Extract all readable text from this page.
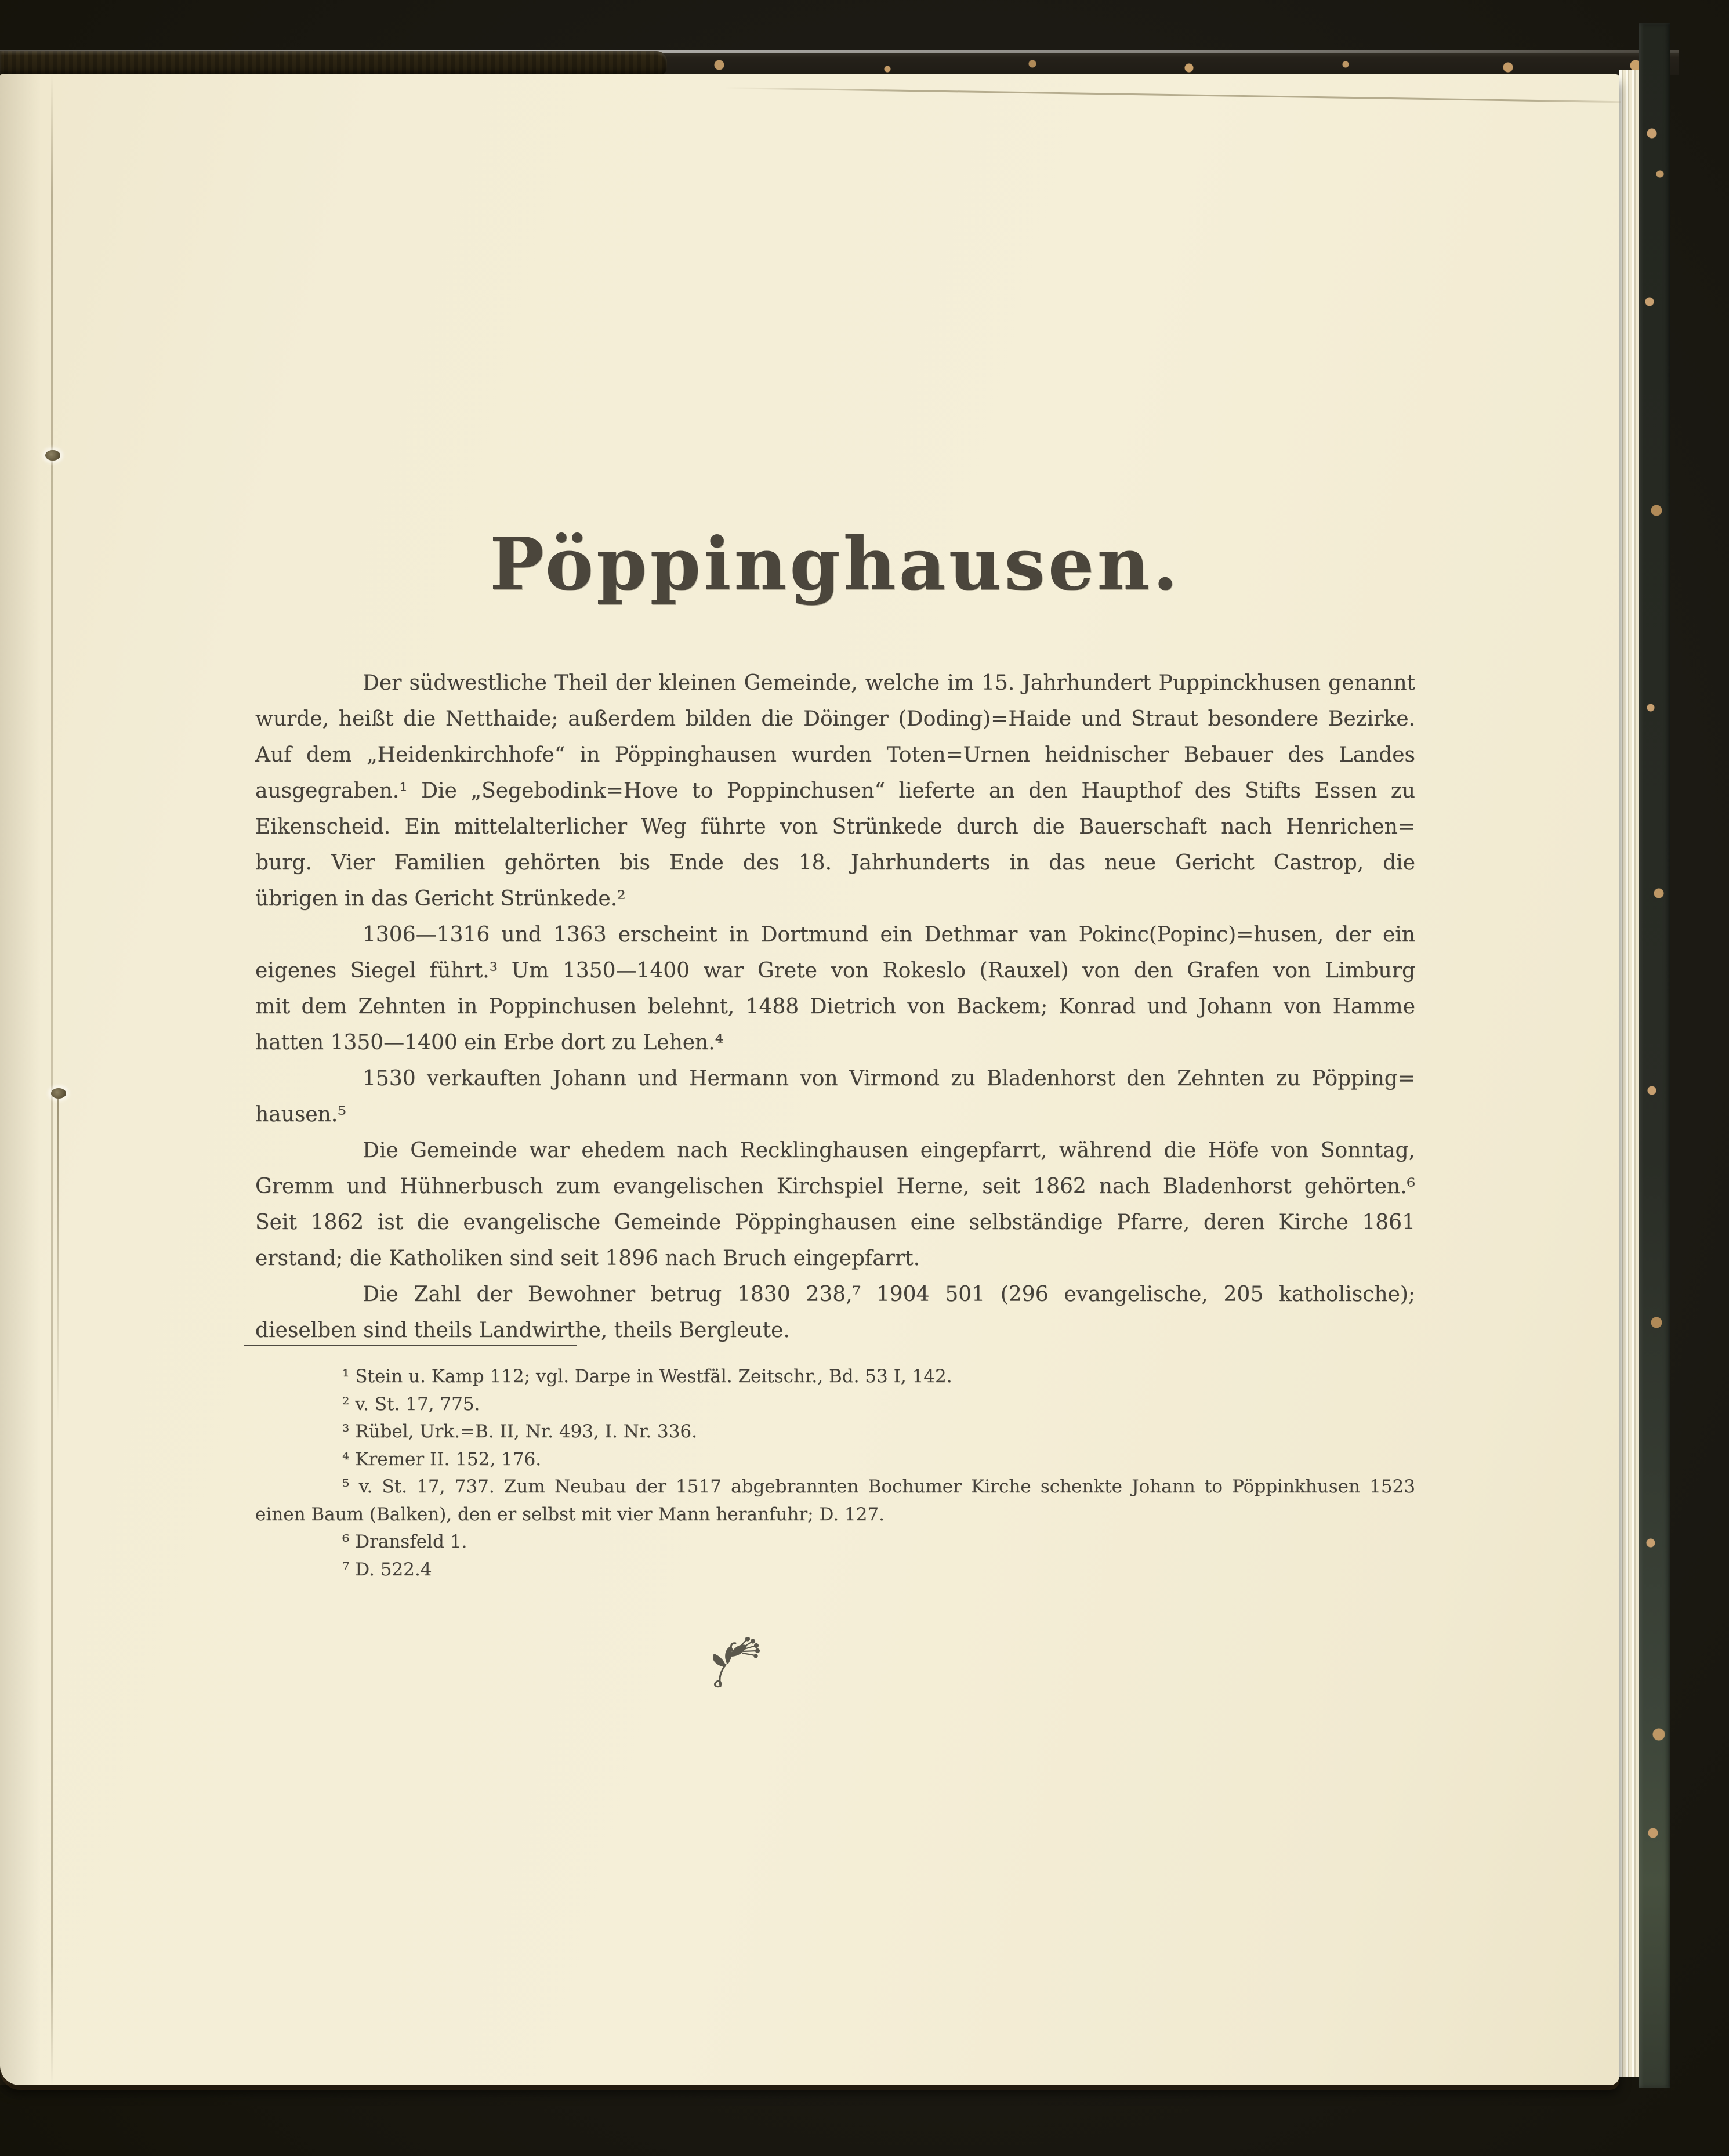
Pöppinghausen.
Der südwestliche Theil der kleinen Gemeinde, welche im 15. Jahrhundert Puppinckhusen genannt
wurde, heißt die Netthaide; außerdem bilden die Döinger (Doding)=Haide und Straut besondere Bezirke.
Auf dem „Heidenkirchhofe“ in Pöppinghausen wurden Toten=Urnen heidnischer Bebauer des Landes
ausgegraben.¹ Die „Segebodink=Hove to Poppinchusen“ lieferte an den Haupthof des Stifts Essen zu
Eikenscheid. Ein mittelalterlicher Weg führte von Strünkede durch die Bauerschaft nach Henrichen=
burg. Vier Familien gehörten bis Ende des 18. Jahrhunderts in das neue Gericht Castrop, die
übrigen in das Gericht Strünkede.²
1306—1316 und 1363 erscheint in Dortmund ein Dethmar van Pokinc(Popinc)=husen, der ein
eigenes Siegel führt.³ Um 1350—1400 war Grete von Rokeslo (Rauxel) von den Grafen von Limburg
mit dem Zehnten in Poppinchusen belehnt, 1488 Dietrich von Backem; Konrad und Johann von Hamme
hatten 1350—1400 ein Erbe dort zu Lehen.⁴
1530 verkauften Johann und Hermann von Virmond zu Bladenhorst den Zehnten zu Pöpping=
hausen.⁵
Die Gemeinde war ehedem nach Recklinghausen eingepfarrt, während die Höfe von Sonntag,
Gremm und Hühnerbusch zum evangelischen Kirchspiel Herne, seit 1862 nach Bladenhorst gehörten.⁶
Seit 1862 ist die evangelische Gemeinde Pöppinghausen eine selbständige Pfarre, deren Kirche 1861
erstand; die Katholiken sind seit 1896 nach Bruch eingepfarrt.
Die Zahl der Bewohner betrug 1830 238,⁷ 1904 501 (296 evangelische, 205 katholische);
dieselben sind theils Landwirthe, theils Bergleute.
¹ Stein u. Kamp 112; vgl. Darpe in Westfäl. Zeitschr., Bd. 53 I, 142.
² v. St. 17, 775.
³ Rübel, Urk.=B. II, Nr. 493, I. Nr. 336.
⁴ Kremer II. 152, 176.
⁵ v. St. 17, 737. Zum Neubau der 1517 abgebrannten Bochumer Kirche schenkte Johann to Pöppinkhusen 1523
einen Baum (Balken), den er selbst mit vier Mann heranfuhr; D. 127.
⁶ Dransfeld 1.
⁷ D. 522.4
